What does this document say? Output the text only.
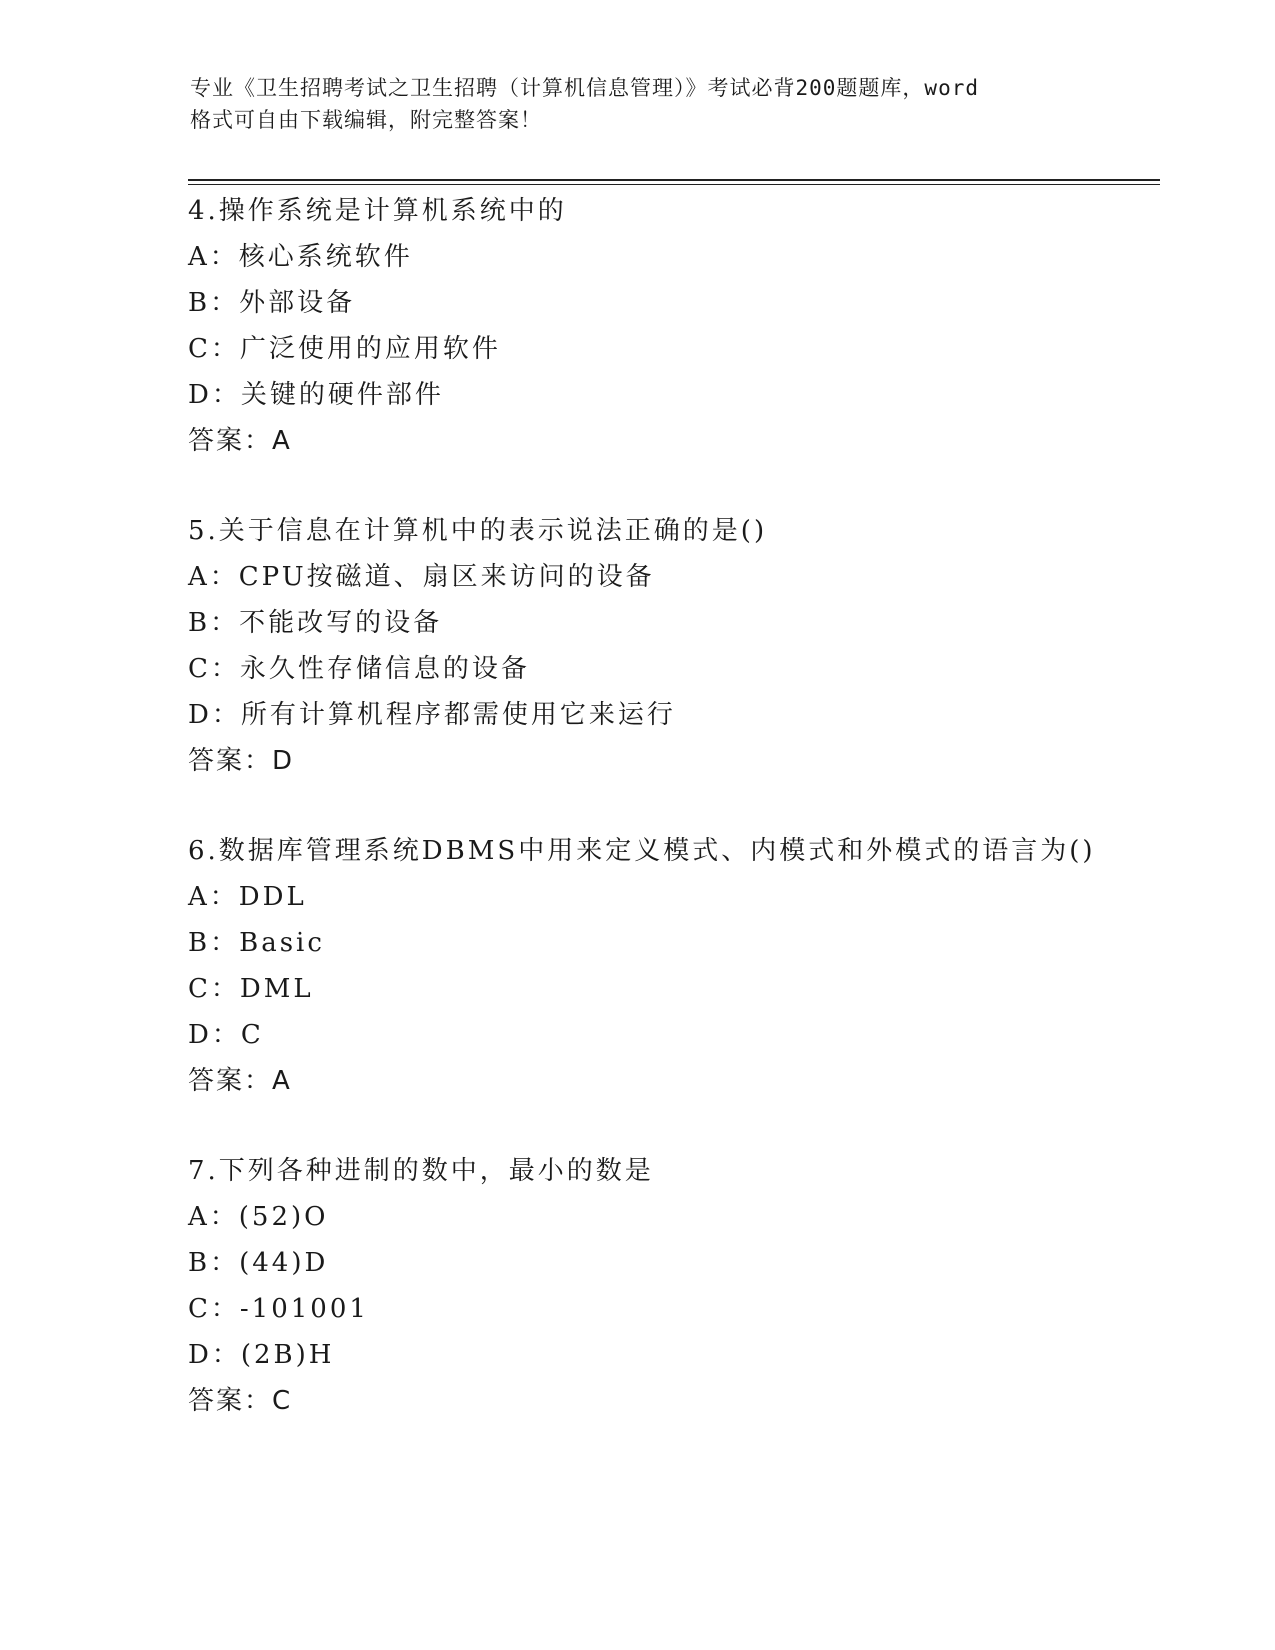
专业《卫生招聘考试之卫生招聘（计算机信息管理）》考试必背200题题库，word
格式可自由下载编辑，附完整答案！
4.操作系统是计算机系统中的
A：核心系统软件
B：外部设备
C：广泛使用的应用软件
D：关键的硬件部件
答案：A
5.关于信息在计算机中的表示说法正确的是()
A：CPU按磁道、扇区来访问的设备
B：不能改写的设备
C：永久性存储信息的设备
D：所有计算机程序都需使用它来运行
答案：D
6.数据库管理系统DBMS中用来定义模式、内模式和外模式的语言为()
A：DDL
B：Basic
C：DML
D：C
答案：A
7.下列各种进制的数中，最小的数是
A：(52)O
B：(44)D
C：-101001
D：(2B)H
答案：C
